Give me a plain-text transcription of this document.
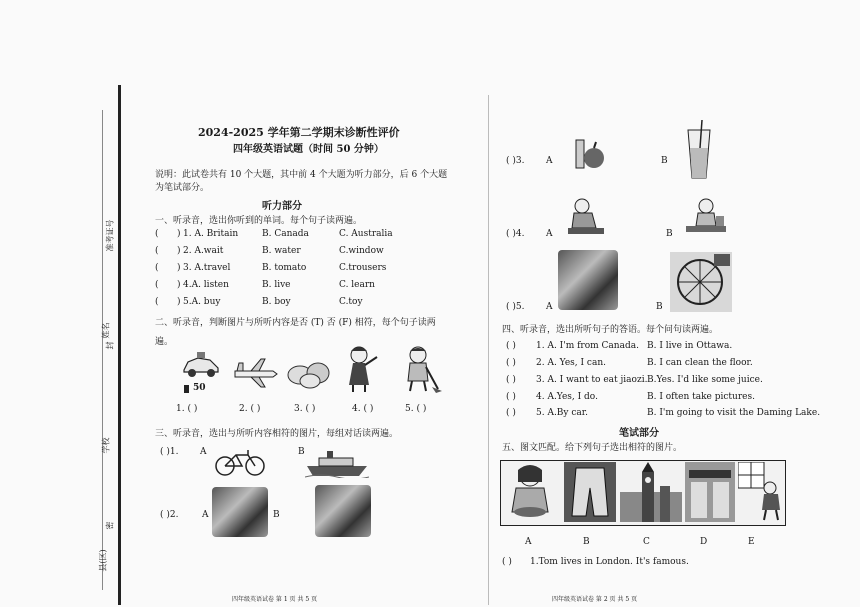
准考证号
姓名
封
学校
密
县(区)
2024-2025 学年第二学期末诊断性评价
四年级英语试题（时间 50 分钟）
说明：此试卷共有 10 个大题，其中前 4 个大题为听力部分，后 6 个大题
为笔试部分。
听力部分
一、听录音，选出你听到的单词。每个句子读两遍。
( ) 1. A. Britain	B. Canada	C. Australia
( ) 2. A.wait	B. water	C.window
( ) 3. A.travel	B. tomato	C.trousers
( ) 4.A. listen	B. live	C. learn
( ) 5.A. buy	B. boy	C.toy
二、听录音，判断图片与所听内容是否 (T) 否 (F) 相符，每个句子读两
遍。
50
1. ( )	2. ( )	3. ( )	4. ( )	5. ( )
三、听录音，选出与所听内容相符的图片，每组对话读两遍。
( )1. A	B
( )2.	A	B
四年级英语试卷 第 1 页 共 5 页
( )3. A	B
( )4. A	B
( )5. A	B
四、听录音，选出所听句子的答语。每个问句读两遍。
( ) 1. A. I'm from Canada. B. I live in Ottawa.
( ) 2. A. Yes, I can.	B. I can clean the floor.
( ) 3. A. I want to eat jiaozi. B.Yes. I'd like some juice.
( ) 4. A.Yes, I do.	B. I often take pictures.
( ) 5. A.By car.	B. I'm going to visit the Daming Lake.
笔试部分
五、图文匹配。给下列句子选出相符的图片。
A	B	C	D	E
( ) 1.Tom lives in London. It's famous.
四年级英语试卷 第 2 页 共 5 页
